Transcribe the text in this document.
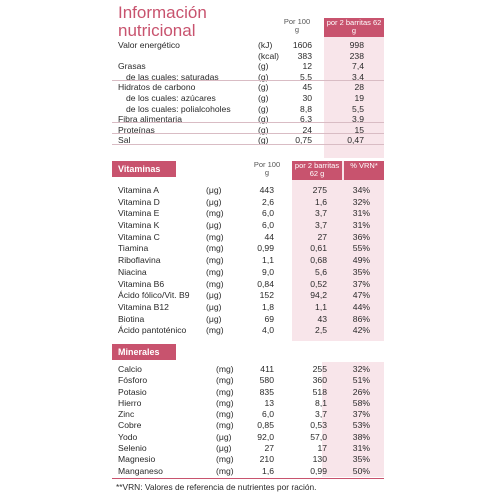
Información
nutricional	Por 100 g
por 2 barritas 62 g
Valor energético	(kJ) 1606	998
(kcal) 383	238
Grasas	(g)	12	7,4
de las cuales: saturadas	(g)	5,5	3,4
Hidratos de carbono	(g)	45	28
de los cuales: azúcares	(g)	30	19
de los cuales: polialcoholes	(g)	8,8	5,5
Fibra alimentaria	(g)	6,3	3,9
Proteínas	(g)	24	15
Sal	(g)	0,75	0,47
Vitaminas	Por 100 g
por 2 barritas 62 g
% VRN*
Vitamina A	(μg)	443	275	34%
Vitamina D	(μg)	2,6	1,6	32%
Vitamina E	(mg)	6,0	3,7	31%
Vitamina K	(μg)	6,0	3,7	31%
Vitamina C	(mg)	44	27	36%
Tiamina	(mg)	0,99	0,61	55%
Riboflavina	(mg)	1,1	0,68	49%
Niacina	(mg)	9,0	5,6	35%
Vitamina B6	(mg)	0,84	0,52	37%
Ácido fólico/Vit. B9 (μg)	152	94,2	47%
Vitamina B12	(μg)	1,8	1,1	44%
Biotina	(μg)	69	43	86%
Ácido pantoténico (mg)	4,0	2,5	42%
Minerales
Calcio	(mg)	411	255	32%
Fósforo	(mg)	580	360	51%
Potasio	(mg)	835	518	26%
Hierro	(mg)	13	8,1	58%
Zinc	(mg)	6,0	3,7	37%
Cobre	(mg)	0,85	0,53	53%
Yodo	(μg)	92,0	57,0	38%
Selenio	(μg)	27	17	31%
Magnesio	(mg)	210	130	35%
Manganeso	(mg)	1,6	0,99	50%
**VRN: Valores de referencia de nutrientes por ración.
